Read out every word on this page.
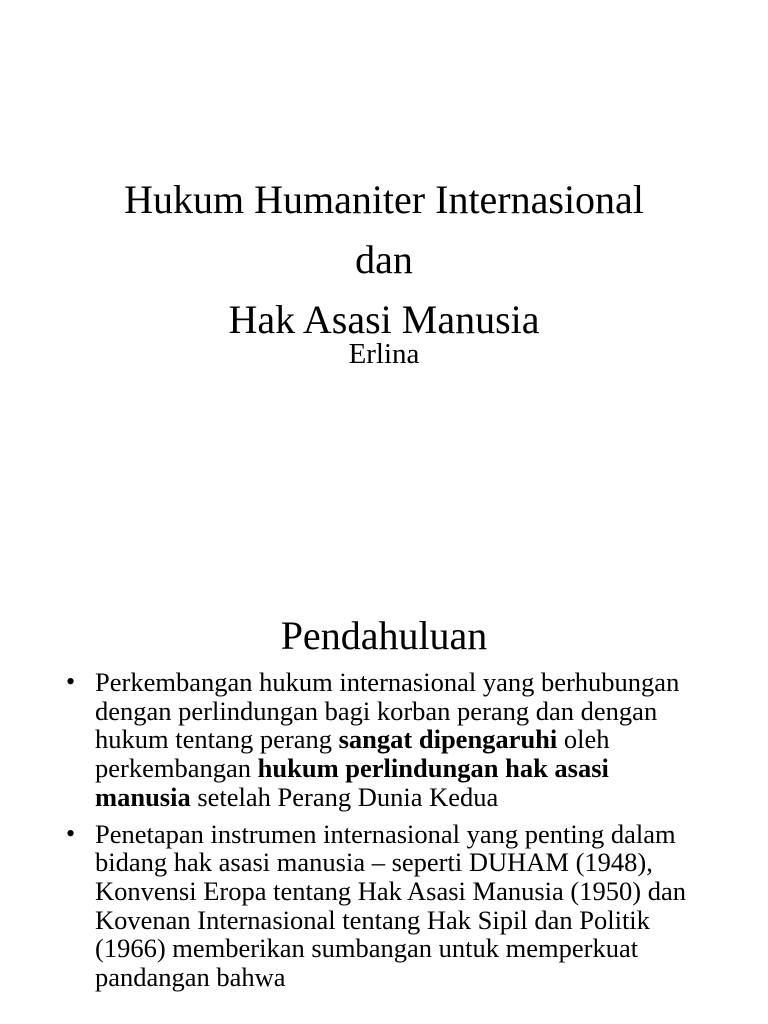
Hukum Humaniter Internasional
dan
Hak Asasi Manusia
Erlina
Pendahuluan
• Perkembangan hukum internasional yang berhubungan dengan perlindungan bagi korban perang dan dengan hukum tentang perang sangat dipengaruhi oleh perkembangan hukum perlindungan hak asasi manusia setelah Perang Dunia Kedua
• Penetapan instrumen internasional yang penting dalam bidang hak asasi manusia – seperti DUHAM (1948), Konvensi Eropa tentang Hak Asasi Manusia (1950) dan Kovenan Internasional tentang Hak Sipil dan Politik (1966) memberikan sumbangan untuk memperkuat pandangan bahwa
